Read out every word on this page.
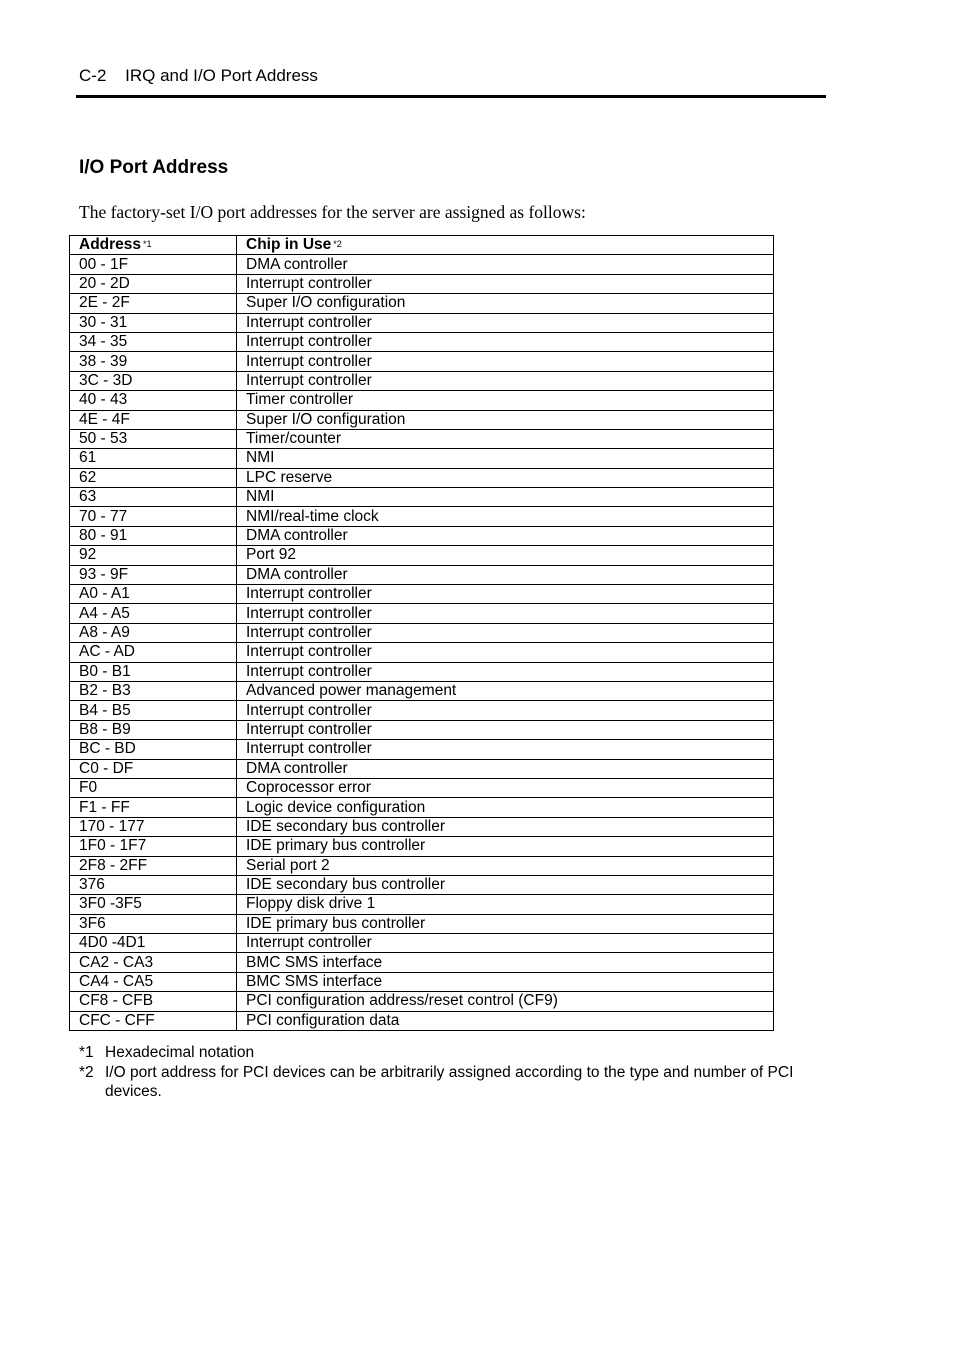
C-2 IRQ and I/O Port Address
I/O Port Address
The factory-set I/O port addresses for the server are assigned as follows:
Address $^{*1}$	Chip in Use $^{*2}$
00 - 1F	DMA controller
20 - 2D	Interrupt controller
2E - 2F	Super I/O configuration
30 - 31	Interrupt controller
34 - 35	Interrupt controller
38 - 39	Interrupt controller
3C - 3D	Interrupt controller
40 - 43	Timer controller
4E - 4F	Super I/O configuration
50 - 53	Timer/counter
61	NMI
62	LPC reserve
63	NMI
70 - 77	NMI/real-time clock
80 - 91	DMA controller
92	Port 92
93 - 9F	DMA controller
A0 - A1	Interrupt controller
A4 - A5	Interrupt controller
A8 - A9	Interrupt controller
AC - AD	Interrupt controller
B0 - B1	Interrupt controller
B2 - B3	Advanced power management
B4 - B5	Interrupt controller
B8 - B9	Interrupt controller
BC - BD	Interrupt controller
C0 - DF	DMA controller
F0	Coprocessor error
F1 - FF	Logic device configuration
170 - 177	IDE secondary bus controller
1F0 - 1F7	IDE primary bus controller
2F8 - 2FF	Serial port 2
376	IDE secondary bus controller
3F0 -3F5	Floppy disk drive 1
3F6	IDE primary bus controller
4D0 -4D1	Interrupt controller
CA2 - CA3	BMC SMS interface
CA4 - CA5	BMC SMS interface
CF8 - CFB	PCI configuration address/reset control (CF9)
CFC - CFF	PCI configuration data
*1 Hexadecimal notation
*2 I/O port address for PCI devices can be arbitrarily assigned according to the type and number of PCI devices.
